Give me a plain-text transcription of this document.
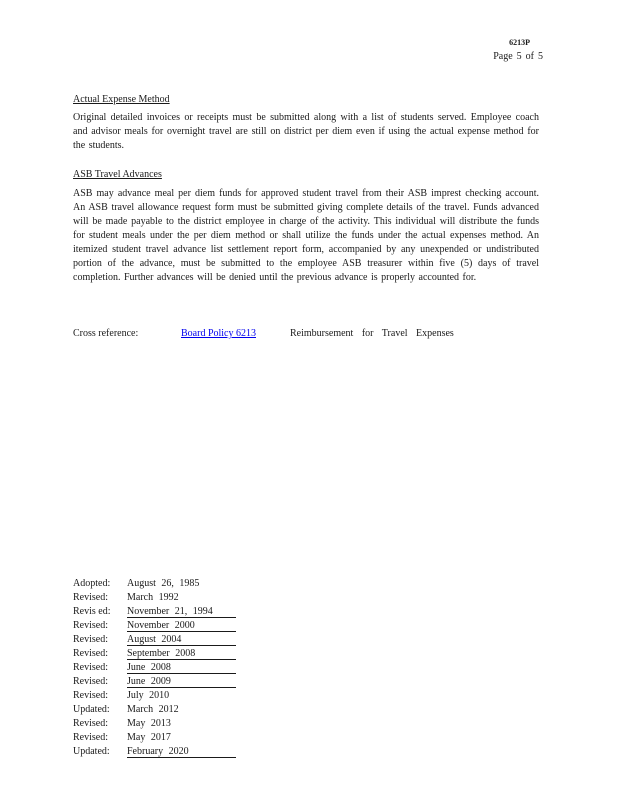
6213P
Page 5 of 5
Actual Expense Method
Original detailed invoices or receipts must be submitted along with a list of students served. Employee coach and advisor meals for overnight travel are still on district per diem even if using the actual expense method for the students.
ASB Travel Advances
ASB may advance meal per diem funds for approved student travel from their ASB imprest checking account. An ASB travel allowance request form must be submitted giving complete details of the travel. Funds advanced will be made payable to the district employee in charge of the activity. This individual will distribute the funds for student meals under the per diem method or shall utilize the funds under the actual expenses method. An itemized student travel advance list settlement report form, accompanied by any unexpended or undistributed portion of the advance, must be submitted to the employee ASB treasurer within five (5) days of travel completion. Further advances will be denied until the previous advance is properly accounted for.
Cross reference:	Board Policy 6213	Reimbursement for Travel Expenses
Adopted:	August 26, 1985
Revised:	March 1992
Revis ed:	November 21, 1994
Revised:	November 2000
Revised:	August 2004
Revised:	September 2008
Revised:	June 2008
Revised:	June 2009
Revised:	July 2010
Updated:	March 2012
Revised:	May 2013
Revised:	May 2017
Updated:	February 2020
